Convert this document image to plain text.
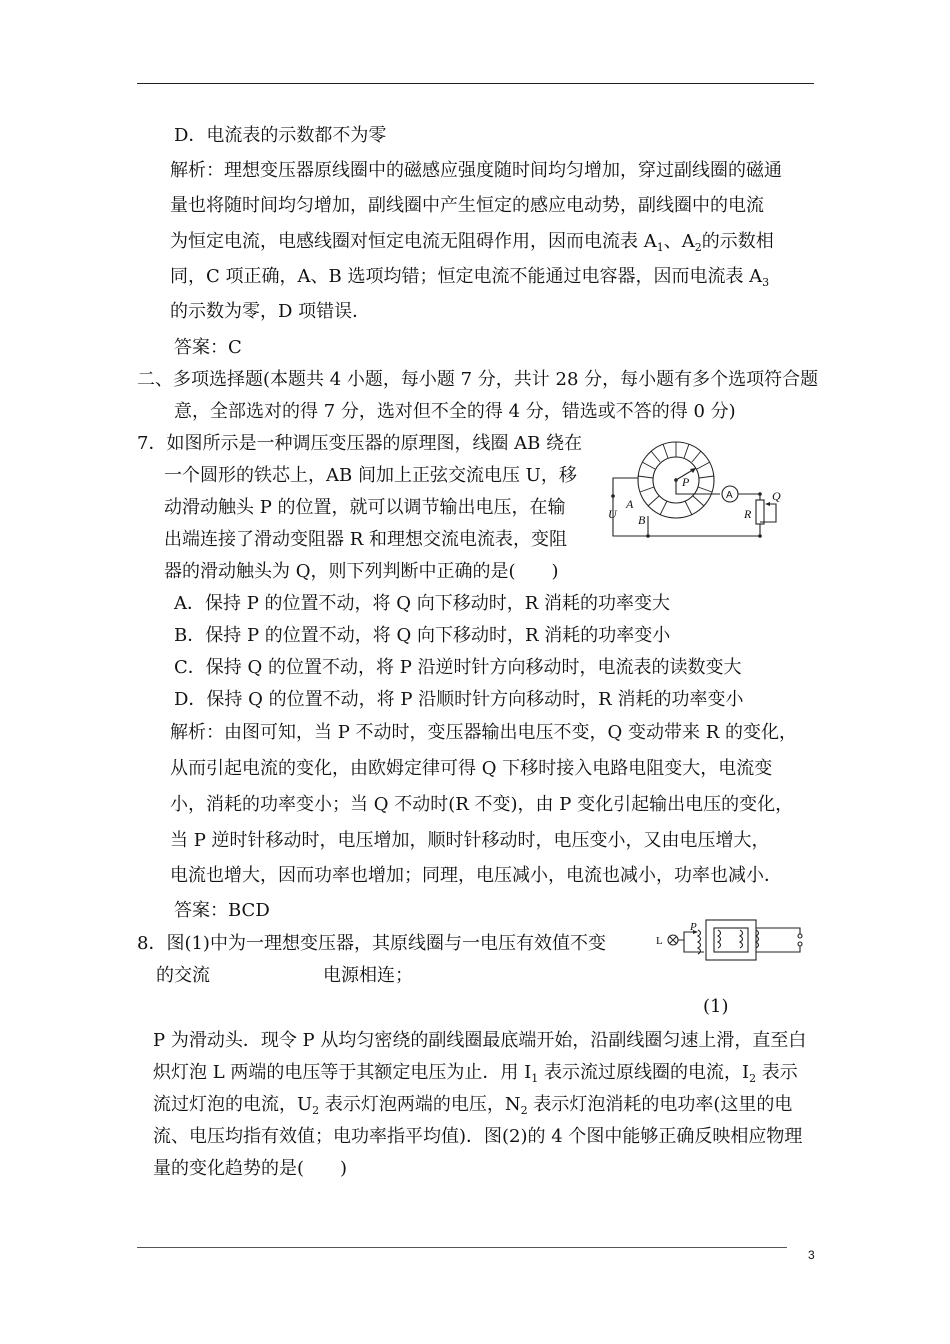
D．电流表的示数都不为零
解析：理想变压器原线圈中的磁感应强度随时间均匀增加，穿过副线圈的磁通
量也将随时间均匀增加，副线圈中产生恒定的感应电动势，副线圈中的电流
为恒定电流，电感线圈对恒定电流无阻碍作用，因而电流表 $A_1$、$A_2$的示数相
同，C 项正确，A、B 选项均错；恒定电流不能通过电容器，因而电流表 $A_3$
的示数为零，D 项错误．
答案：C
二、多项选择题(本题共 4 小题，每小题 7 分，共计 28 分，每小题有多个选项符合题
意，全部选对的得 7 分，选对但不全的得 4 分，错选或不答的得 0 分)
7．如图所示是一种调压变压器的原理图，线圈 AB 绕在
一个圆形的铁芯上，AB 间加上正弦交流电压 U，移
动滑动触头 P 的位置，就可以调节输出电压，在输
出端连接了滑动变阻器 R 和理想交流电流表，变阻
器的滑动触头为 Q，则下列判断中正确的是(　　)
P
A
B
U	R
Q
A
A．保持 P 的位置不动，将 Q 向下移动时，R 消耗的功率变大
B．保持 P 的位置不动，将 Q 向下移动时，R 消耗的功率变小
C．保持 Q 的位置不动，将 P 沿逆时针方向移动时，电流表的读数变大
D．保持 Q 的位置不动，将 P 沿顺时针方向移动时，R 消耗的功率变小
解析：由图可知，当 P 不动时，变压器输出电压不变，Q 变动带来 R 的变化，
从而引起电流的变化，由欧姆定律可得 Q 下移时接入电路电阻变大，电流变
小，消耗的功率变小；当 Q 不动时(R 不变)，由 P 变化引起输出电压的变化，
当 P 逆时针移动时，电压增加，顺时针移动时，电压变小，又由电压增大，
电流也增大，因而功率也增加；同理，电压减小，电流也减小，功率也减小．
答案：BCD
8．图(1)中为一理想变压器，其原线圈与一电压有效值不变
的交流	电源相连；
L
P
(1)
P 为滑动头．现令 P 从均匀密绕的副线圈最底端开始，沿副线圈匀速上滑，直至白
炽灯泡 L 两端的电压等于其额定电压为止．用 $I_1$ 表示流过原线圈的电流，$I_2$ 表示
流过灯泡的电流，$U_2$ 表示灯泡两端的电压，$N_2$ 表示灯泡消耗的电功率(这里的电
流、电压均指有效值；电功率指平均值)．图(2)的 4 个图中能够正确反映相应物理
量的变化趋势的是(　　)
3
